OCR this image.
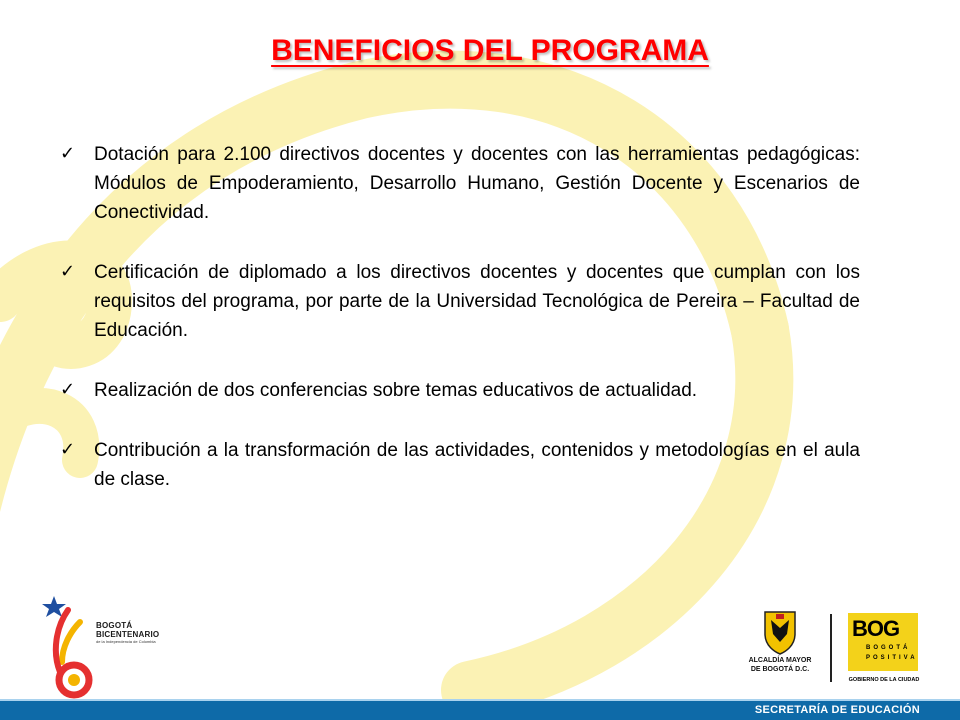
BENEFICIOS DEL PROGRAMA
✓ Dotación para 2.100 directivos docentes y docentes con las herramientas pedagógicas: Módulos de Empoderamiento, Desarrollo Humano, Gestión Docente y Escenarios de Conectividad.
✓ Certificación de diplomado a los directivos docentes y docentes que cumplan con los requisitos del programa, por parte de la Universidad Tecnológica de Pereira – Facultad de Educación.
✓ Realización de dos conferencias sobre temas educativos de actualidad.
✓ Contribución a la transformación de las actividades, contenidos y metodologías en el aula de clase.
BOGOTÁ
BICENTENARIO
de la Independencia de Colombia
ALCALDÍA MAYOR
DE BOGOTÁ D.C.
BOG
BOGOTÁ
POSITIVA
GOBIERNO DE LA CIUDAD
SECRETARÍA DE EDUCACIÓN
